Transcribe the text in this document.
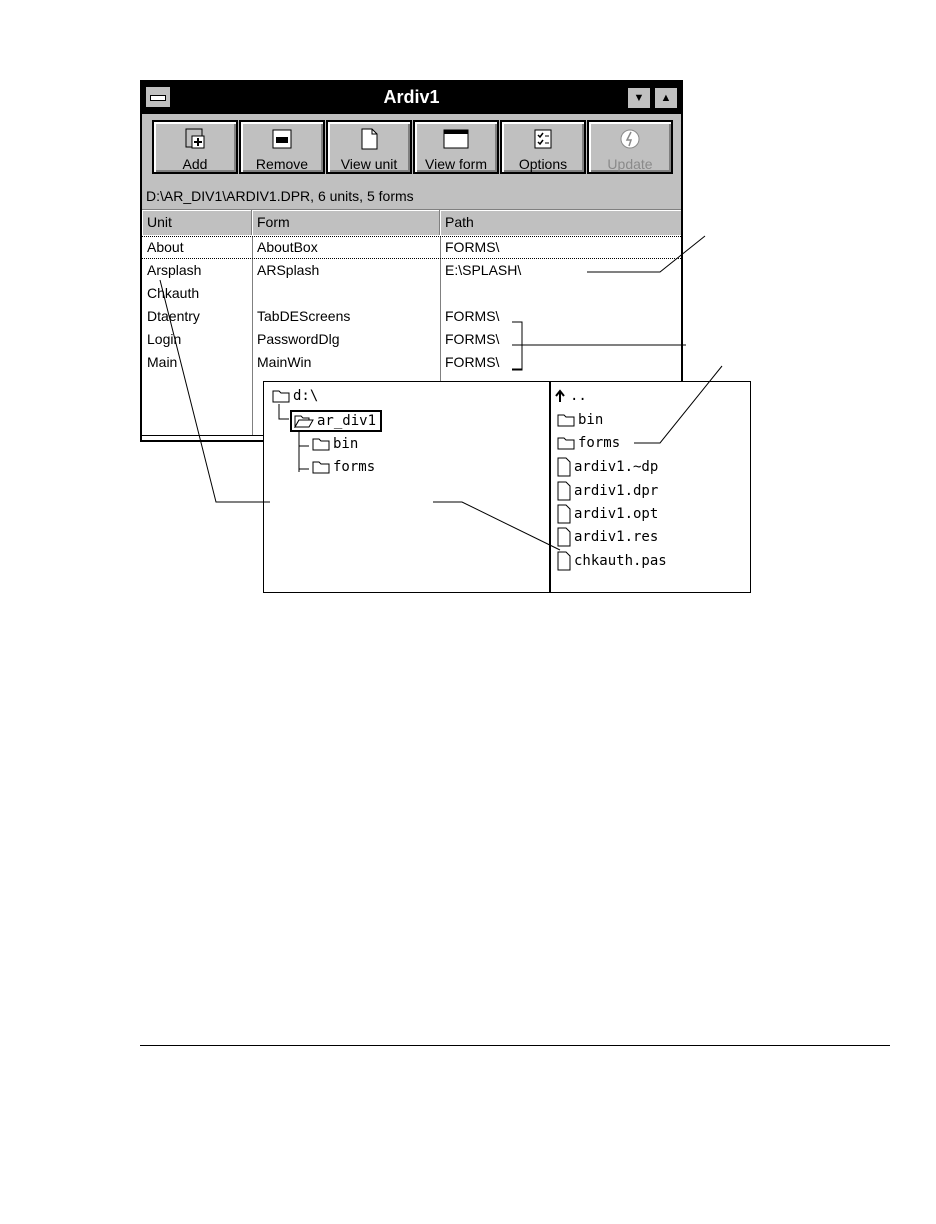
Ardiv1	▼	▲
Add	Remove View unit View form Options	Update
D:\AR_DIV1\ARDIV1.DPR, 6 units, 5 forms
Unit	Form	Path
About	AboutBox	FORMS\
Arsplash	ARSplash	E:\SPLASH\
Chkauth
Dtaentry	TabDEScreens	FORMS\
Login	PasswordDlg	FORMS\
Main	MainWin	FORMS\
d:\
ar_div1
bin
forms
..
bin
forms
ardiv1.~dp
ardiv1.dpr
ardiv1.opt
ardiv1.res
chkauth.pas
